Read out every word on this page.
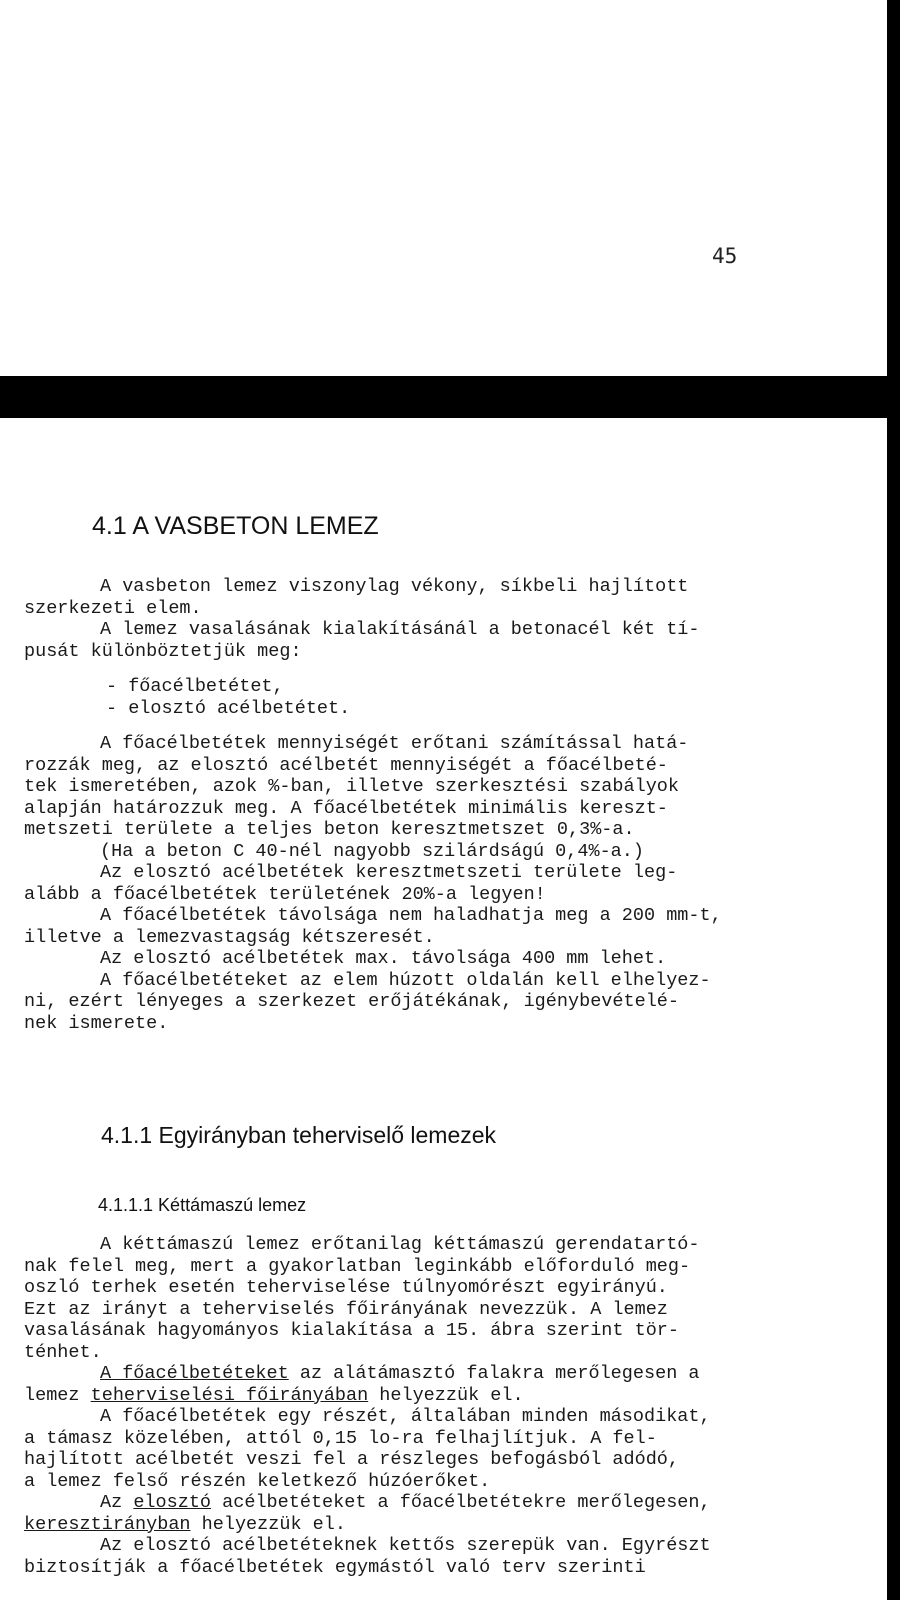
45
4.1 A VASBETON LEMEZ
A vasbeton lemez viszonylag vékony, síkbeli hajlított
szerkezeti elem.
A lemez vasalásának kialakításánál a betonacél két tí-
pusát különböztetjük meg:
- főacélbetétet,
- elosztó acélbetétet.
A főacélbetétek mennyiségét erőtani számítással hatá-
rozzák meg, az elosztó acélbetét mennyiségét a főacélbeté-
tek ismeretében, azok %-ban, illetve szerkesztési szabályok
alapján határozzuk meg. A főacélbetétek minimális kereszt-
metszeti területe a teljes beton keresztmetszet 0,3%-a.
(Ha a beton C 40-nél nagyobb szilárdságú 0,4%-a.)
Az elosztó acélbetétek keresztmetszeti területe leg-
alább a főacélbetétek területének 20%-a legyen!
A főacélbetétek távolsága nem haladhatja meg a 200 mm-t,
illetve a lemezvastagság kétszeresét.
Az elosztó acélbetétek max. távolsága 400 mm lehet.
A főacélbetéteket az elem húzott oldalán kell elhelyez-
ni, ezért lényeges a szerkezet erőjátékának, igénybevételé-
nek ismerete.
4.1.1 Egyirányban teherviselő lemezek
4.1.1.1 Kéttámaszú lemez
A kéttámaszú lemez erőtanilag kéttámaszú gerendatartó-
nak felel meg, mert a gyakorlatban leginkább előforduló meg-
oszló terhek esetén teherviselése túlnyomórészt egyirányú.
Ezt az irányt a teherviselés főirányának nevezzük. A lemez
vasalásának hagyományos kialakítása a 15. ábra szerint tör-
ténhet.
A főacélbetéteket az alátámasztó falakra merőlegesen a
lemez teherviselési főirányában helyezzük el.
A főacélbetétek egy részét, általában minden másodikat,
a támasz közelében, attól 0,15 lo-ra felhajlítjuk. A fel-
hajlított acélbetét veszi fel a részleges befogásból adódó,
a lemez felső részén keletkező húzóerőket.
Az elosztó acélbetéteket a főacélbetétekre merőlegesen,
keresztirányban helyezzük el.
Az elosztó acélbetéteknek kettős szerepük van. Egyrészt
biztosítják a főacélbetétek egymástól való terv szerinti
